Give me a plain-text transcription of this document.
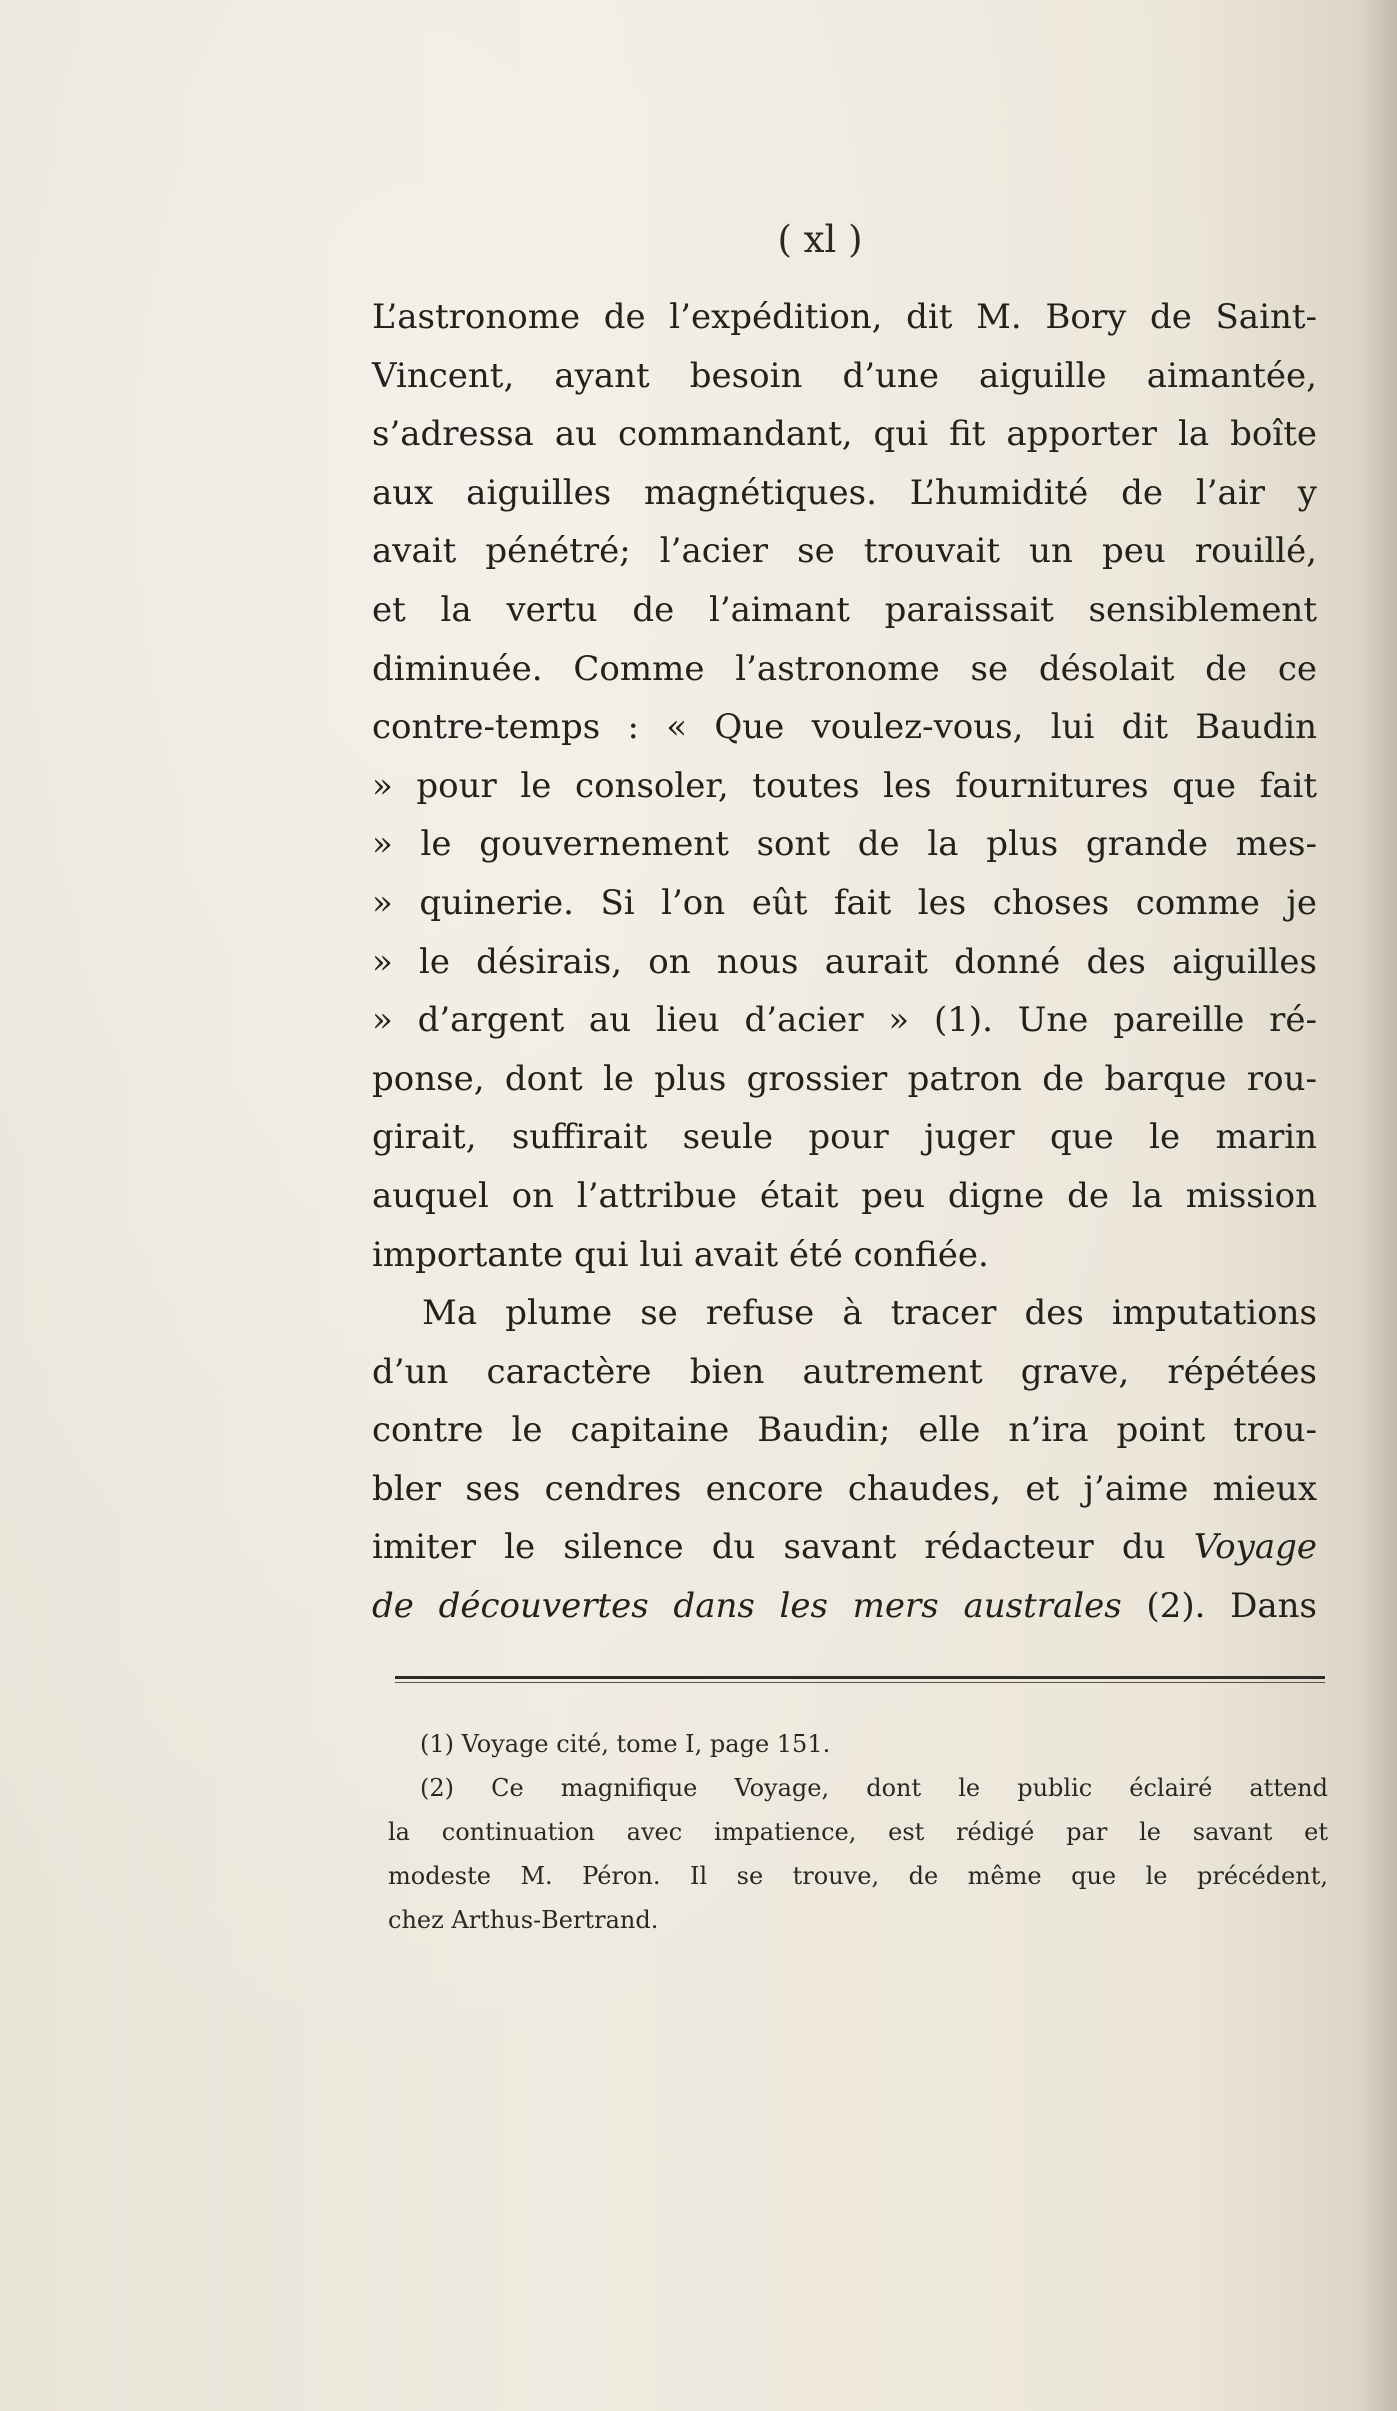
( xl )
L’astronome de l’expédition, dit M. Bory de Saint-
Vincent, ayant besoin d’une aiguille aimantée,
s’adressa au commandant, qui fit apporter la boîte
aux aiguilles magnétiques. L’humidité de l’air y
avait pénétré; l’acier se trouvait un peu rouillé,
et la vertu de l’aimant paraissait sensiblement
diminuée. Comme l’astronome se désolait de ce
contre-temps : « Que voulez-vous, lui dit Baudin
» pour le consoler, toutes les fournitures que fait
» le gouvernement sont de la plus grande mes-
» quinerie. Si l’on eût fait les choses comme je
» le désirais, on nous aurait donné des aiguilles
» d’argent au lieu d’acier » (1). Une pareille ré-
ponse, dont le plus grossier patron de barque rou-
girait, suffirait seule pour juger que le marin
auquel on l’attribue était peu digne de la mission
importante qui lui avait été confiée.
Ma plume se refuse à tracer des imputations
d’un caractère bien autrement grave, répétées
contre le capitaine Baudin; elle n’ira point trou-
bler ses cendres encore chaudes, et j’aime mieux
imiter le silence du savant rédacteur du Voyage
de découvertes dans les mers australes (2). Dans
(1) Voyage cité, tome I, page 151.
(2) Ce magnifique Voyage, dont le public éclairé attend
la continuation avec impatience, est rédigé par le savant et
modeste M. Péron. Il se trouve, de même que le précédent,
chez Arthus-Bertrand.
